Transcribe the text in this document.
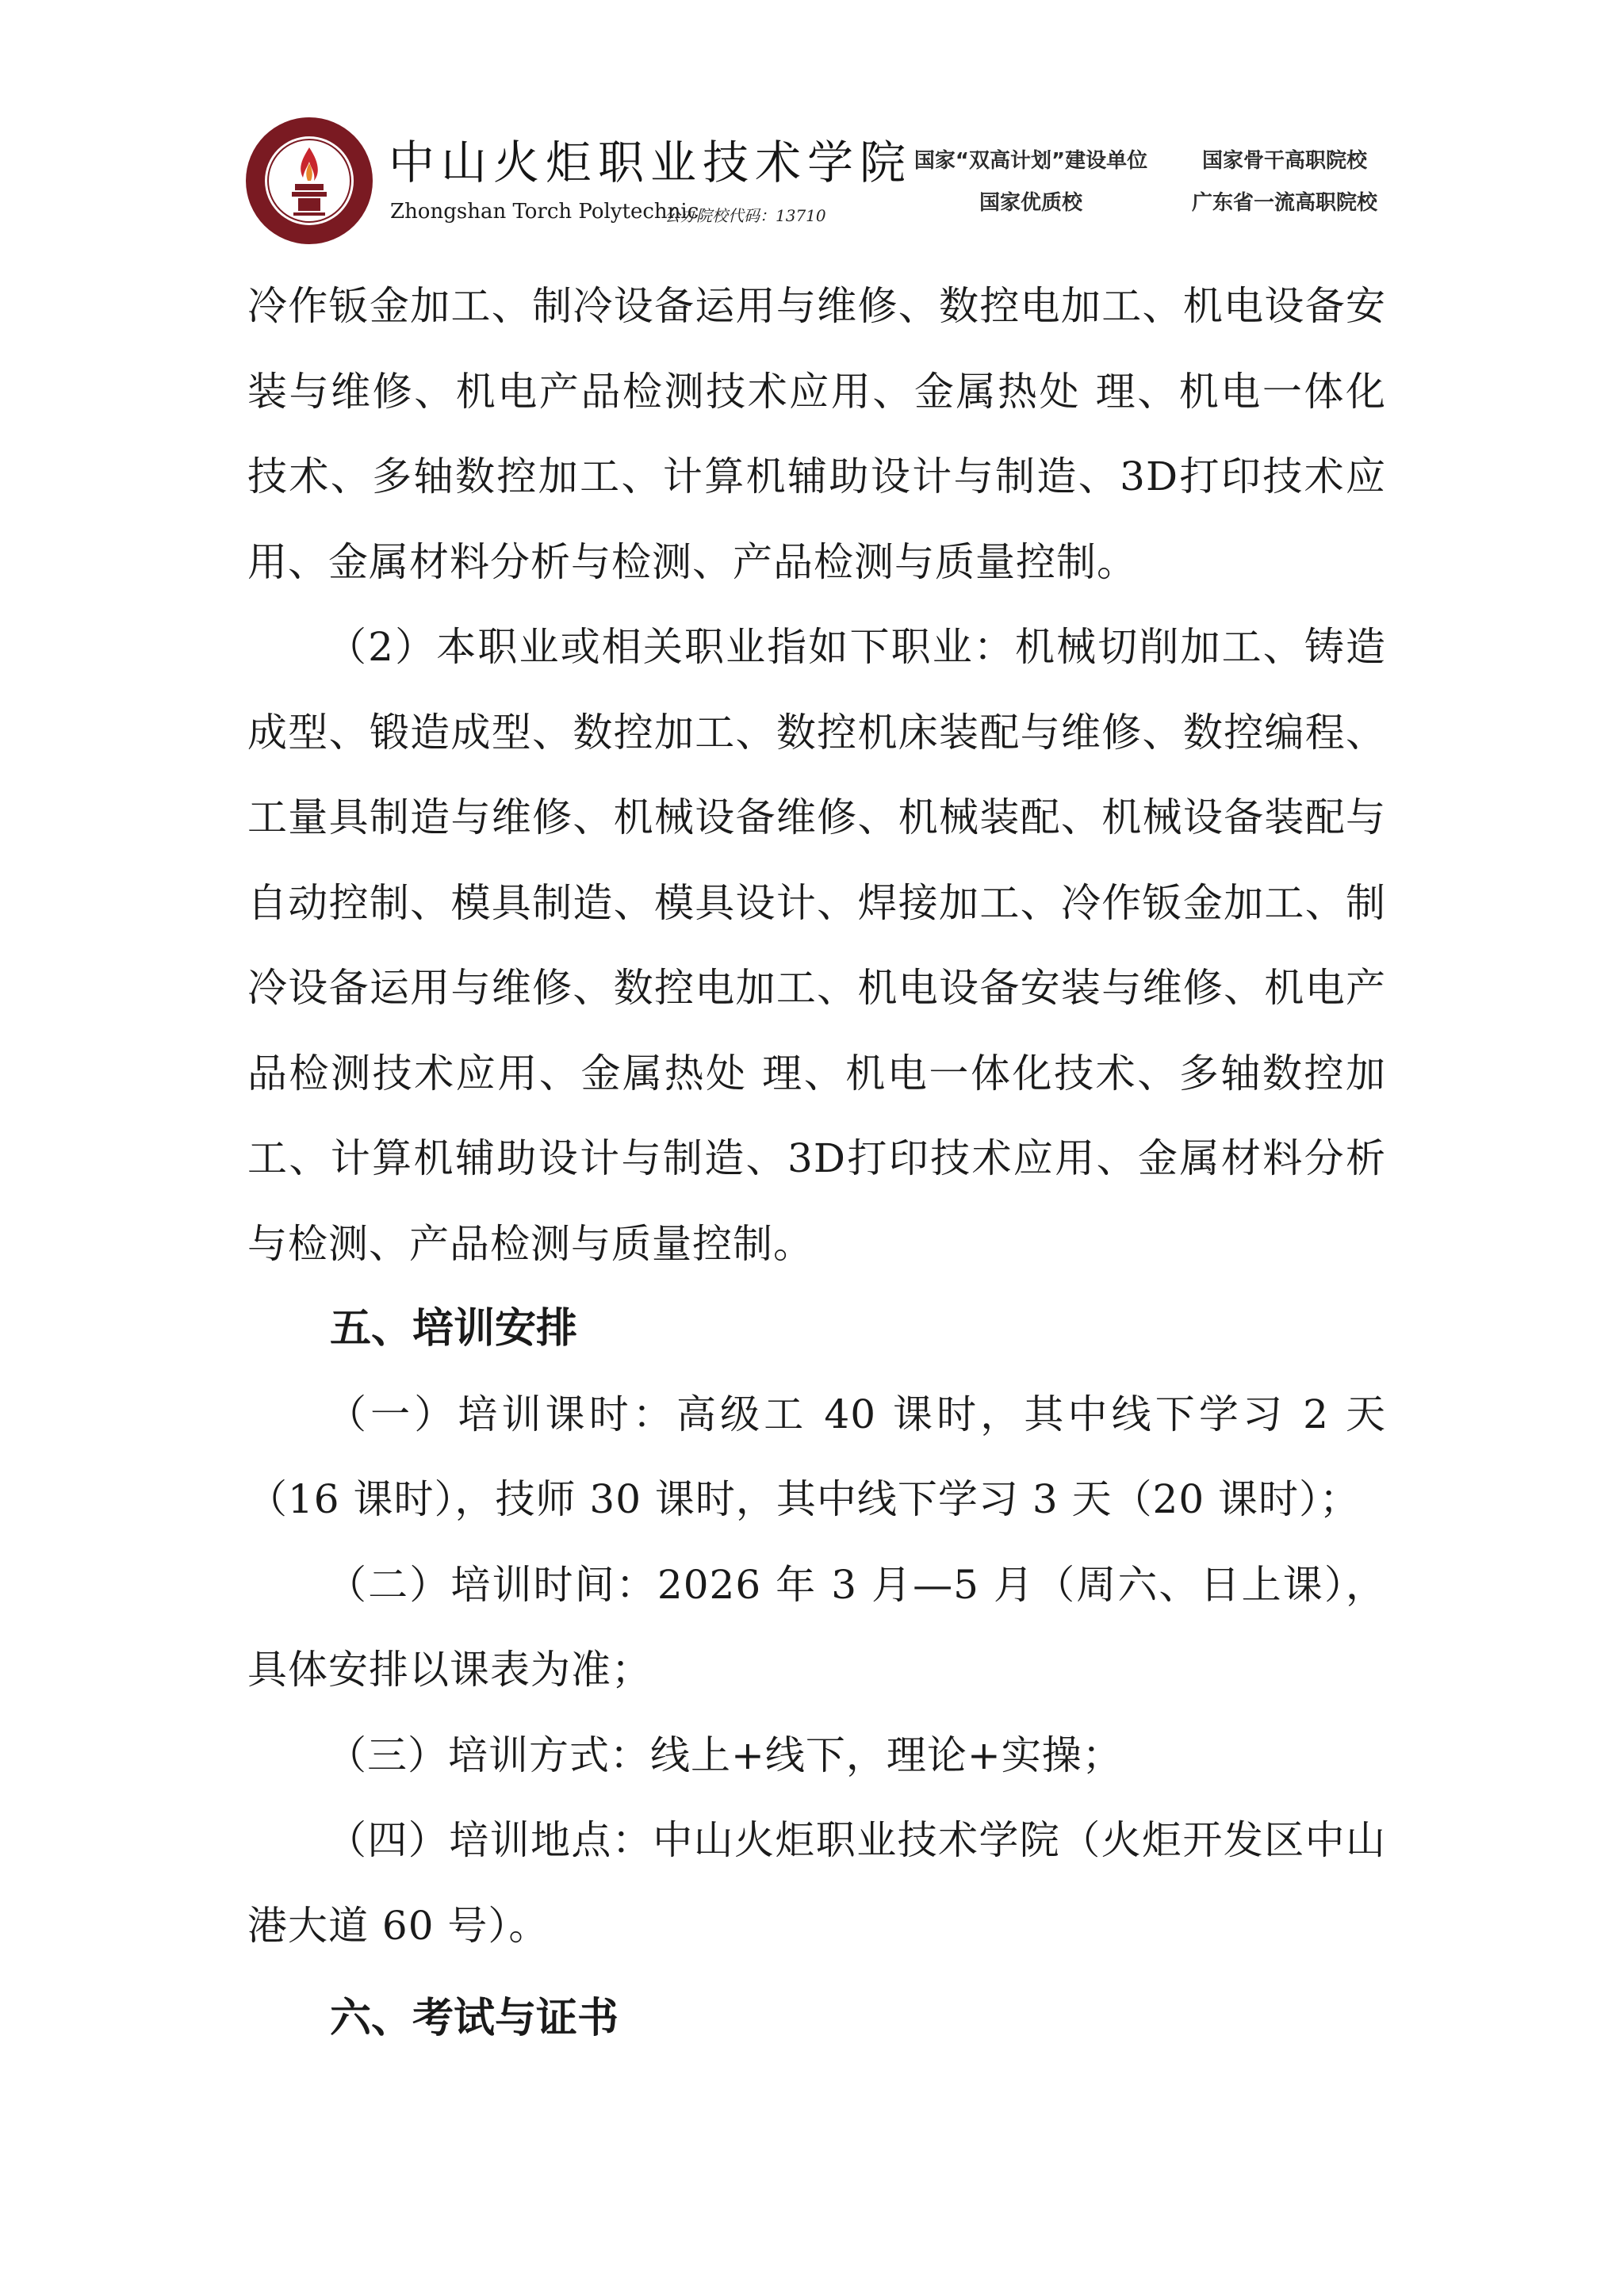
中山火炬职业技术学院
Zhongshan Torch Polytechnic
公办院校代码：13710
国家“双高计划”建设单位	国家骨干高职院校
国家优质校	广东省一流高职院校

冷作钣金加工、制冷设备运用与维修、数控电加工、机电设备安装与维修、机电产品检测技术应用、金属热处 理、机电一体化技术、多轴数控加工、计算机辅助设计与制造、3D打印技术应用、金属材料分析与检测、产品检测与质量控制。

（2）本职业或相关职业指如下职业：机械切削加工、铸造成型、锻造成型、数控加工、数控机床装配与维修、数控编程、工量具制造与维修、机械设备维修、机械装配、机械设备装配与自动控制、模具制造、模具设计、焊接加工、冷作钣金加工、制冷设备运用与维修、数控电加工、机电设备安装与维修、机电产品检测技术应用、金属热处 理、机电一体化技术、多轴数控加工、计算机辅助设计与制造、3D打印技术应用、金属材料分析与检测、产品检测与质量控制。

五、培训安排

（一）培训课时：高级工 40 课时，其中线下学习 2 天（16 课时），技师 30 课时，其中线下学习 3 天（20 课时）；

（二）培训时间：2026 年 3 月—5 月（周六、日上课），具体安排以课表为准；

（三）培训方式：线上+线下，理论+实操；

（四）培训地点：中山火炬职业技术学院（火炬开发区中山港大道 60 号）。

六、考试与证书
